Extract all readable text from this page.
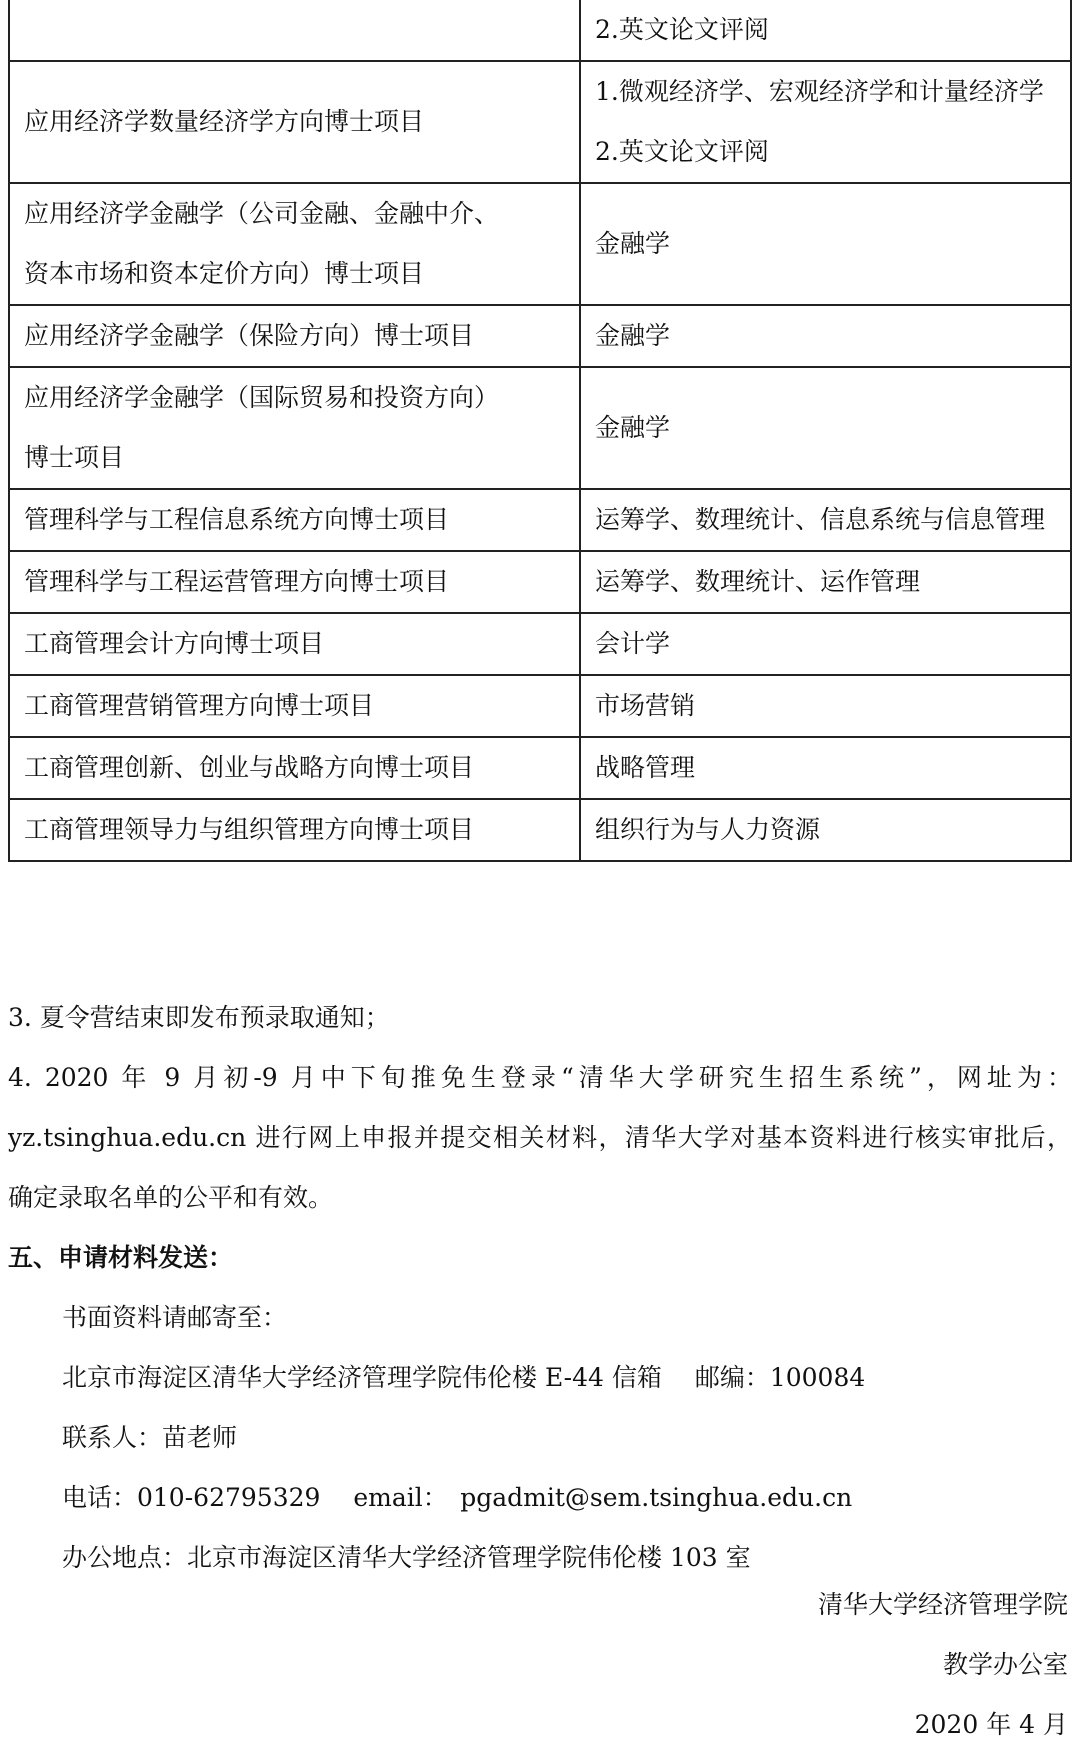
	2.英文论文评阅

应用经济学数量经济学方向博士项目	1.微观经济学、宏观经济学和计量经济学
2.英文论文评阅

应用经济学金融学（公司金融、金融中介、
资本市场和资本定价方向）博士项目	金融学

应用经济学金融学（保险方向）博士项目	金融学

应用经济学金融学（国际贸易和投资方向）
博士项目	金融学

管理科学与工程信息系统方向博士项目	运筹学、数理统计、信息系统与信息管理

管理科学与工程运营管理方向博士项目	运筹学、数理统计、运作管理

工商管理会计方向博士项目	会计学

工商管理营销管理方向博士项目	市场营销

工商管理创新、创业与战略方向博士项目	战略管理

工商管理领导力与组织管理方向博士项目	组织行为与人力资源

3. 夏令营结束即发布预录取通知；

4. 2020 年 9 月初-9 月中下旬推免生登录“清华大学研究生招生系统”，网址为：

yz.tsinghua.edu.cn 进行网上申报并提交相关材料，清华大学对基本资料进行核实审批后，

确定录取名单的公平和有效。

五、申请材料发送：

书面资料请邮寄至：

北京市海淀区清华大学经济管理学院伟伦楼 E-44 信箱　 邮编：100084

联系人：苗老师

电话：010-62795329　 email：　pgadmit@sem.tsinghua.edu.cn

办公地点：北京市海淀区清华大学经济管理学院伟伦楼 103 室

清华大学经济管理学院

教学办公室

2020 年 4 月
